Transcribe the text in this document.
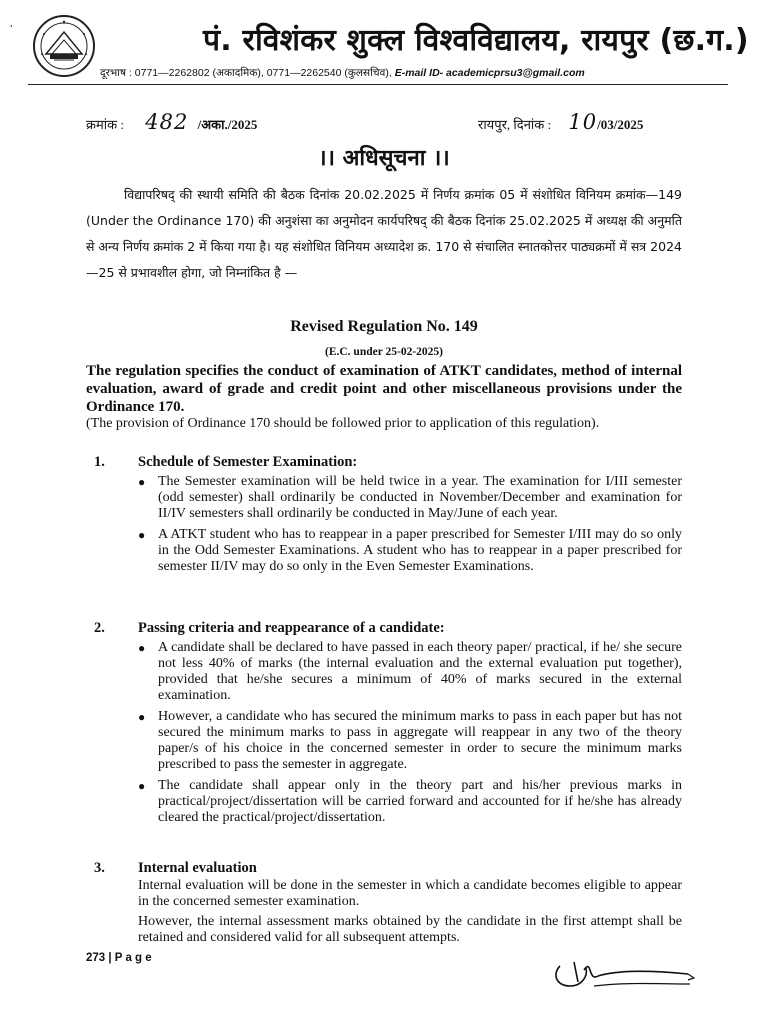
,	पं. रविशंकर शुक्ल विश्वविद्यालय, रायपुर (छ.ग.)
दूरभाष : 0771—2262802 (अकादमिक), 0771—2262540 (कुलसचिव), E-mail ID- academicprsu3@gmail.com
क्रमांक : 482 /अका./2025	रायपुर, दिनांक : 10/03/2025
।। अधिसूचना ।।
विद्यापरिषद् की स्थायी समिति की बैठक दिनांक 20.02.2025 में निर्णय क्रमांक 05 में संशोधित विनियम क्रमांक—149 (Under the Ordinance 170) की अनुशंसा का अनुमोदन कार्यपरिषद् की बैठक दिनांक 25.02.2025 में अध्यक्ष की अनुमति से अन्य निर्णय क्रमांक 2 में किया गया है। यह संशोधित विनियम अध्यादेश क्र. 170 से संचालित स्नातकोत्तर पाठ्यक्रमों में सत्र 2024—25 से प्रभावशील होगा, जो निम्नांकित है —
Revised Regulation No. 149
(E.C. under 25-02-2025)
The regulation specifies the conduct of examination of ATKT candidates, method of internal evaluation, award of grade and credit point and other miscellaneous provisions under the Ordinance 170.
(The provision of Ordinance 170 should be followed prior to application of this regulation).
1. Schedule of Semester Examination:
● The Semester examination will be held twice in a year. The examination for I/III semester (odd semester) shall ordinarily be conducted in November/December and examination for II/IV semesters shall ordinarily be conducted in May/June of each year.
● A ATKT student who has to reappear in a paper prescribed for Semester I/III may do so only in the Odd Semester Examinations. A student who has to reappear in a paper prescribed for semester II/IV may do so only in the Even Semester Examinations.
2. Passing criteria and reappearance of a candidate:
● A candidate shall be declared to have passed in each theory paper/ practical, if he/ she secure not less 40% of marks (the internal evaluation and the external evaluation put together), provided that he/she secures a minimum of 40% of marks secured in the external examination.
● However, a candidate who has secured the minimum marks to pass in each paper but has not secured the minimum marks to pass in aggregate will reappear in any two of the theory paper/s of his choice in the concerned semester in order to secure the minimum marks prescribed to pass the semester in aggregate.
● The candidate shall appear only in the theory part and his/her previous marks in practical/project/dissertation will be carried forward and accounted for if he/she has already cleared the practical/project/dissertation.
3. Internal evaluation
Internal evaluation will be done in the semester in which a candidate becomes eligible to appear in the concerned semester examination.
However, the internal assessment marks obtained by the candidate in the first attempt shall be retained and considered valid for all subsequent attempts.
273 | P a g e
